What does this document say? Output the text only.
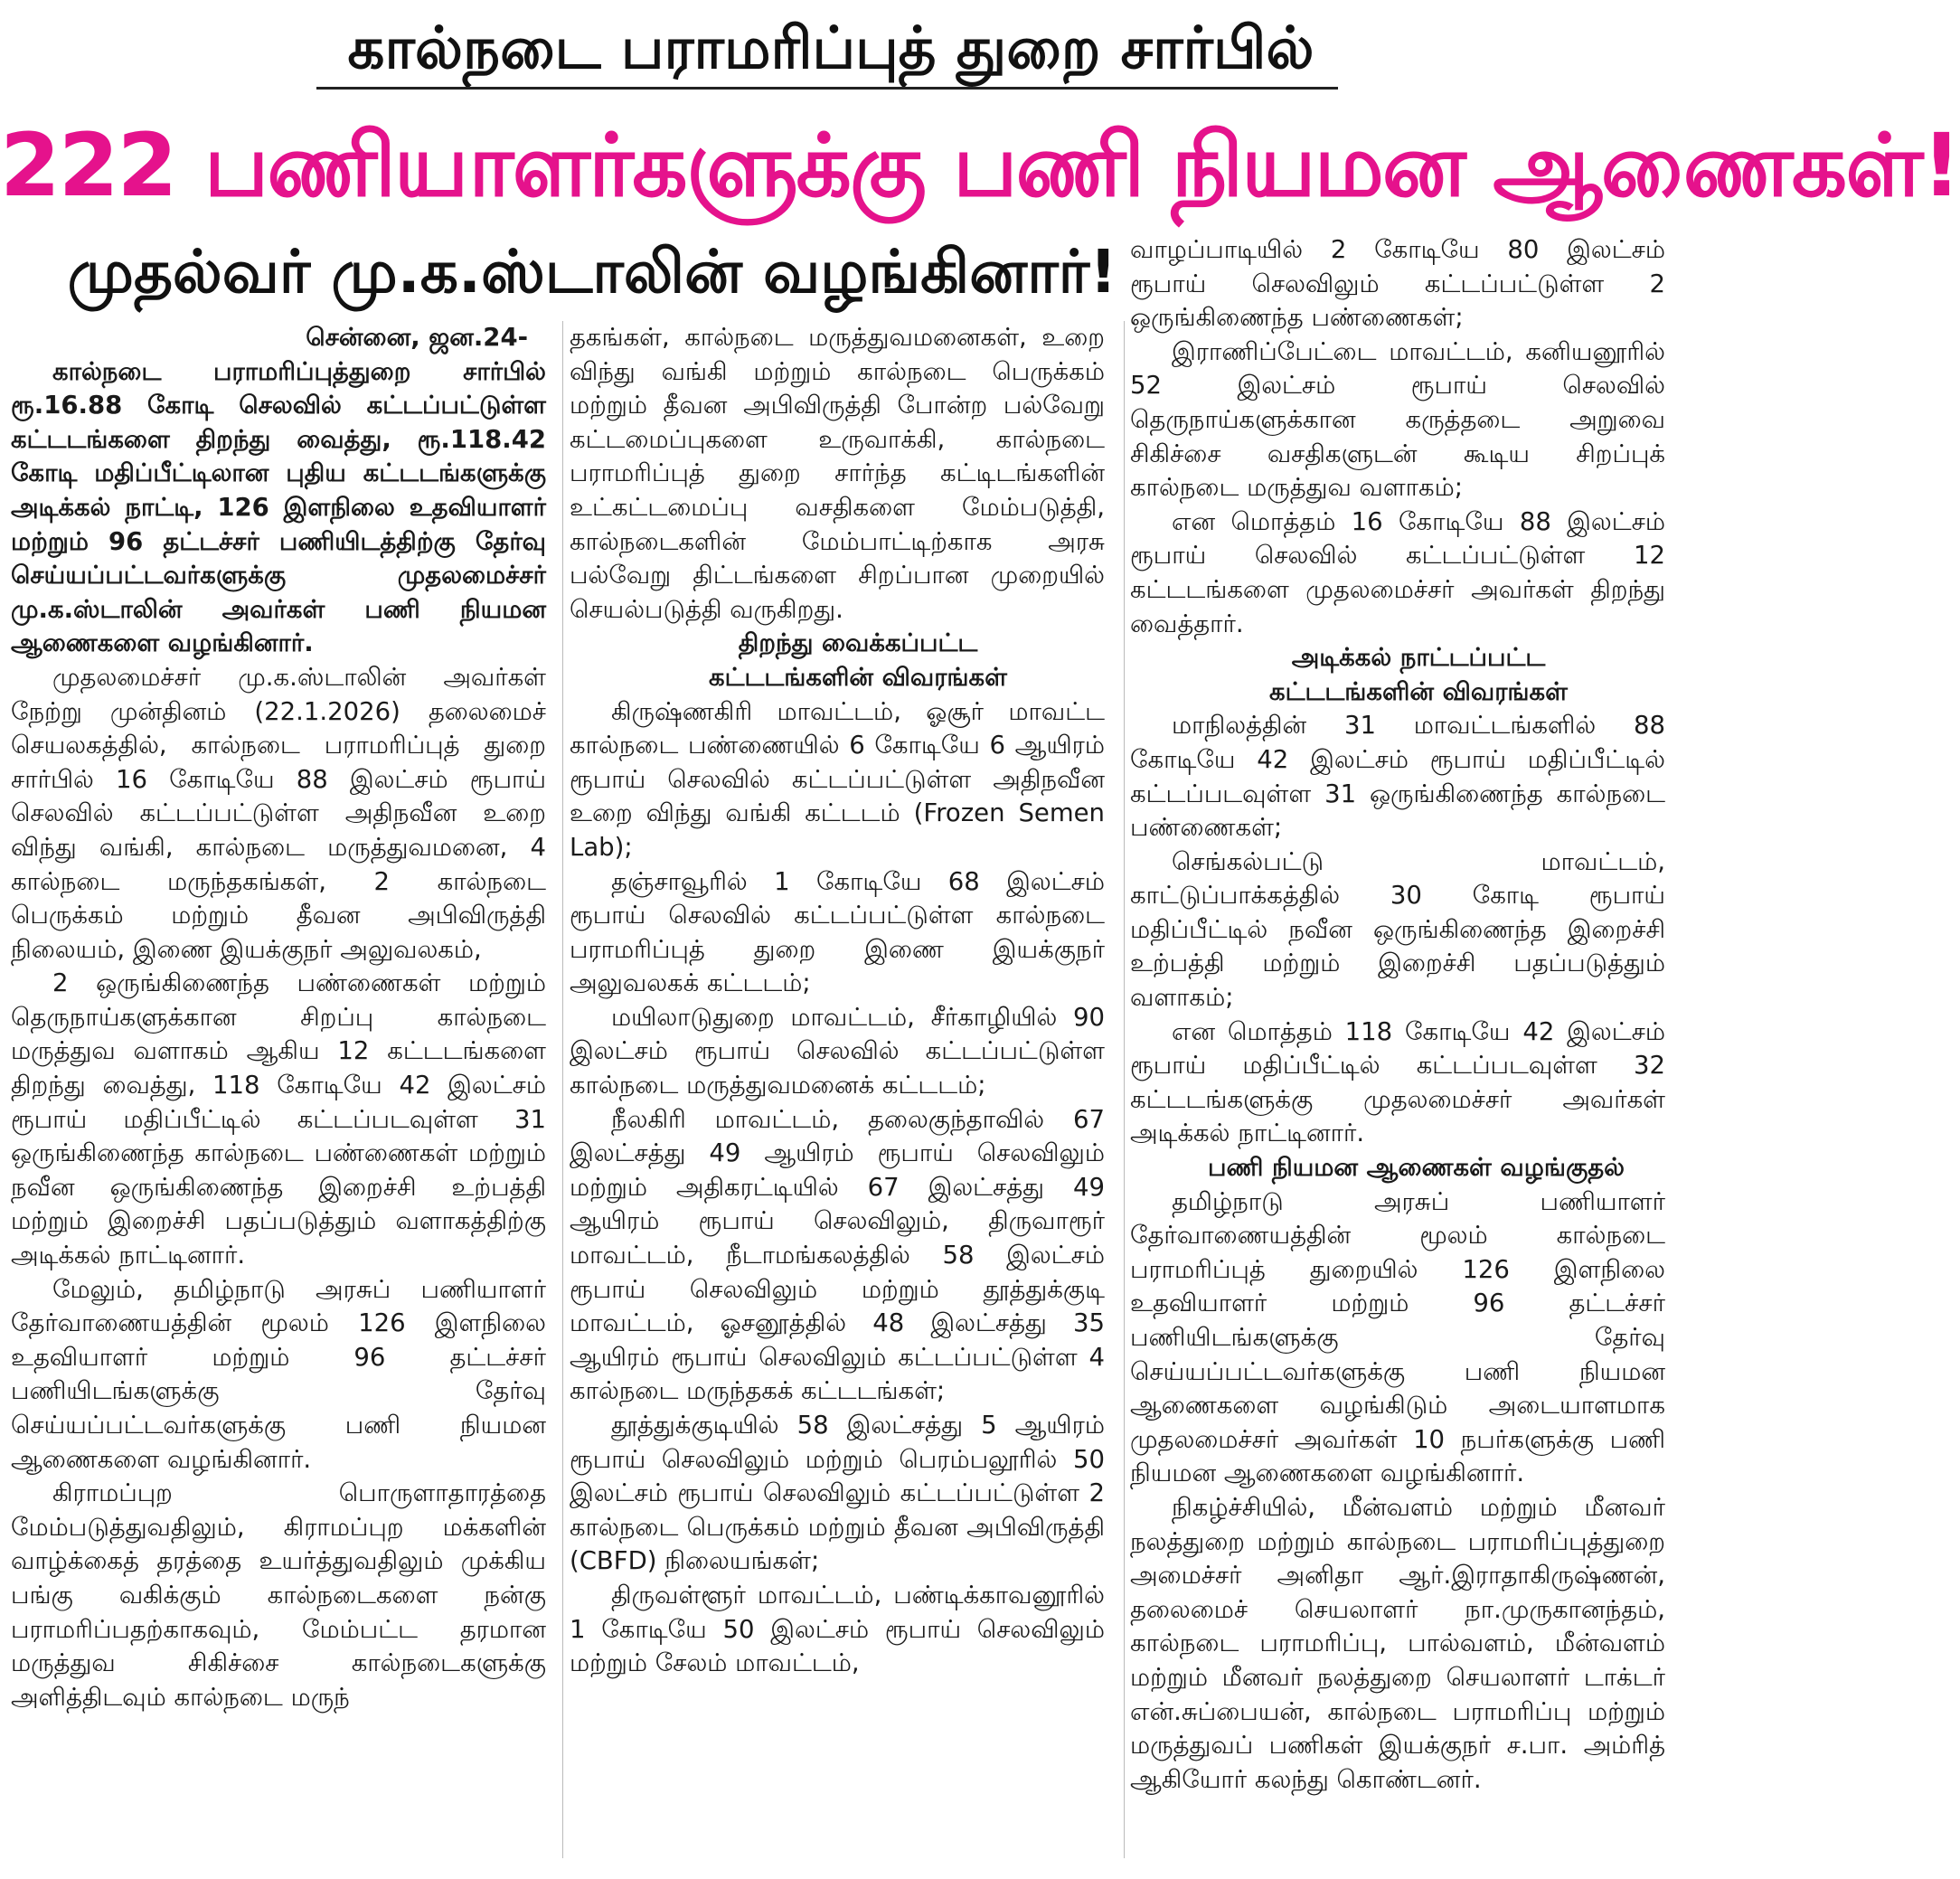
கால்நடை பராமரிப்புத் துறை சார்பில்
222 பணியாளர்களுக்கு பணி நியமன ஆணைகள்!
முதல்வர் மு.க.ஸ்டாலின் வழங்கினார்!

சென்னை, ஜன.24-

கால்நடை பராமரிப்புத்துறை சார்பில் ரூ.16.88 கோடி செலவில் கட்டப்பட்டுள்ள கட்டடங்களை திறந்து வைத்து, ரூ.118.42 கோடி மதிப்பீட்டிலான புதிய கட்டடங்களுக்கு அடிக்கல் நாட்டி, 126 இளநிலை உதவியாளர் மற்றும் 96 தட்டச்சர் பணியிடத்திற்கு தேர்வு செய்யப்பட்டவர்களுக்கு முதலமைச்சர் மு.க.ஸ்டாலின் அவர்கள் பணி நியமன ஆணைகளை வழங்கினார்.

முதலமைச்சர் மு.க.ஸ்டாலின் அவர்கள் நேற்று முன்தினம் (22.1.2026) தலைமைச் செயலகத்தில், கால்நடை பராமரிப்புத் துறை சார்பில் 16 கோடியே 88 இலட்சம் ரூபாய் செலவில் கட்டப்பட்டுள்ள அதிநவீன உறை விந்து வங்கி, கால்நடை மருத்துவமனை, 4 கால்நடை மருந்தகங்கள், 2 கால்நடை பெருக்கம் மற்றும் தீவன அபிவிருத்தி நிலையம், இணை இயக்குநர் அலுவலகம்,

2 ஒருங்கிணைந்த பண்ணைகள் மற்றும் தெருநாய்களுக்கான சிறப்பு கால்நடை மருத்துவ வளாகம் ஆகிய 12 கட்டடங்களை திறந்து வைத்து, 118 கோடியே 42 இலட்சம் ரூபாய் மதிப்பீட்டில் கட்டப்படவுள்ள 31 ஒருங்கிணைந்த கால்நடை பண்ணைகள் மற்றும் நவீன ஒருங்கிணைந்த இறைச்சி உற்பத்தி மற்றும் இறைச்சி பதப்படுத்தும் வளாகத்திற்கு அடிக்கல் நாட்டினார்.

மேலும், தமிழ்நாடு அரசுப் பணியாளர் தேர்வாணையத்தின் மூலம் 126 இளநிலை உதவியாளர் மற்றும் 96 தட்டச்சர் பணியிடங்களுக்கு தேர்வு செய்யப்பட்டவர்களுக்கு பணி நியமன ஆணைகளை வழங்கினார்.

கிராமப்புற பொருளாதாரத்தை மேம்படுத்துவதிலும், கிராமப்புற மக்களின் வாழ்க்கைத் தரத்தை உயர்த்துவதிலும் முக்கிய பங்கு வகிக்கும் கால்நடைகளை நன்கு பராமரிப்பதற்காகவும், மேம்பட்ட தரமான மருத்துவ சிகிச்சை கால்நடைகளுக்கு அளித்திடவும் கால்நடை மருந்

தகங்கள், கால்நடை மருத்துவமனைகள், உறை விந்து வங்கி மற்றும் கால்நடை பெருக்கம் மற்றும் தீவன அபிவிருத்தி போன்ற பல்வேறு கட்டமைப்புகளை உருவாக்கி, கால்நடை பராமரிப்புத் துறை சார்ந்த கட்டிடங்களின் உட்கட்டமைப்பு வசதிகளை மேம்படுத்தி, கால்நடைகளின் மேம்பாட்டிற்காக அரசு பல்வேறு திட்டங்களை சிறப்பான முறையில் செயல்படுத்தி வருகிறது.

திறந்து வைக்கப்பட்ட

கட்டடங்களின் விவரங்கள்

கிருஷ்ணகிரி மாவட்டம், ஓசூர் மாவட்ட கால்நடை பண்ணையில் 6 கோடியே 6 ஆயிரம் ரூபாய் செலவில் கட்டப்பட்டுள்ள அதிநவீன உறை விந்து வங்கி கட்டடம் (Frozen Semen Lab);

தஞ்சாவூரில் 1 கோடியே 68 இலட்சம் ரூபாய் செலவில் கட்டப்பட்டுள்ள கால்நடை பராமரிப்புத் துறை இணை இயக்குநர் அலுவலகக் கட்டடம்;

மயிலாடுதுறை மாவட்டம், சீர்காழியில் 90 இலட்சம் ரூபாய் செலவில் கட்டப்பட்டுள்ள கால்நடை மருத்துவமனைக் கட்டடம்;

நீலகிரி மாவட்டம், தலைகுந்தாவில் 67 இலட்சத்து 49 ஆயிரம் ரூபாய் செலவிலும் மற்றும் அதிகரட்டியில் 67 இலட்சத்து 49 ஆயிரம் ரூபாய் செலவிலும், திருவாரூர் மாவட்டம், நீடாமங்கலத்தில் 58 இலட்சம் ரூபாய் செலவிலும் மற்றும் தூத்துக்குடி மாவட்டம், ஓசனூத்தில் 48 இலட்சத்து 35 ஆயிரம் ரூபாய் செலவிலும் கட்டப்பட்டுள்ள 4 கால்நடை மருந்தகக் கட்டடங்கள்;

தூத்துக்குடியில் 58 இலட்சத்து 5 ஆயிரம் ரூபாய் செலவிலும் மற்றும் பெரம்பலூரில் 50 இலட்சம் ரூபாய் செலவிலும் கட்டப்பட்டுள்ள 2 கால்நடை பெருக்கம் மற்றும் தீவன அபிவிருத்தி (CBFD) நிலையங்கள்;

திருவள்ளூர் மாவட்டம், பண்டிக்காவனூரில் 1 கோடியே 50 இலட்சம் ரூபாய் செலவிலும் மற்றும் சேலம் மாவட்டம்,

வாழப்பாடியில் 2 கோடியே 80 இலட்சம் ரூபாய் செலவிலும் கட்டப்பட்டுள்ள 2 ஒருங்கிணைந்த பண்ணைகள்;

இராணிப்பேட்டை மாவட்டம், கனியனூரில் 52 இலட்சம் ரூபாய் செலவில் தெருநாய்களுக்கான கருத்தடை அறுவை சிகிச்சை வசதிகளுடன் கூடிய சிறப்புக் கால்நடை மருத்துவ வளாகம்;

என மொத்தம் 16 கோடியே 88 இலட்சம் ரூபாய் செலவில் கட்டப்பட்டுள்ள 12 கட்டடங்களை முதலமைச்சர் அவர்கள் திறந்து வைத்தார்.

அடிக்கல் நாட்டப்பட்ட

கட்டடங்களின் விவரங்கள்

மாநிலத்தின் 31 மாவட்டங்களில் 88 கோடியே 42 இலட்சம் ரூபாய் மதிப்பீட்டில் கட்டப்படவுள்ள 31 ஒருங்கிணைந்த கால்நடை பண்ணைகள்;

செங்கல்பட்டு மாவட்டம், காட்டுப்பாக்கத்தில் 30 கோடி ரூபாய் மதிப்பீட்டில் நவீன ஒருங்கிணைந்த இறைச்சி உற்பத்தி மற்றும் இறைச்சி பதப்படுத்தும் வளாகம்;

என மொத்தம் 118 கோடியே 42 இலட்சம் ரூபாய் மதிப்பீட்டில் கட்டப்படவுள்ள 32 கட்டடங்களுக்கு முதலமைச்சர் அவர்கள் அடிக்கல் நாட்டினார்.

பணி நியமன ஆணைகள் வழங்குதல்

தமிழ்நாடு அரசுப் பணியாளர் தேர்வாணையத்தின் மூலம் கால்நடை பராமரிப்புத் துறையில் 126 இளநிலை உதவியாளர் மற்றும் 96 தட்டச்சர் பணியிடங்களுக்கு தேர்வு செய்யப்பட்டவர்களுக்கு பணி நியமன ஆணைகளை வழங்கிடும் அடையாளமாக முதலமைச்சர் அவர்கள் 10 நபர்களுக்கு பணி நியமன ஆணைகளை வழங்கினார்.

நிகழ்ச்சியில், மீன்வளம் மற்றும் மீனவர் நலத்துறை மற்றும் கால்நடை பராமரிப்புத்துறை அமைச்சர் அனிதா ஆர்.இராதாகிருஷ்ணன், தலைமைச் செயலாளர் நா.முருகானந்தம், கால்நடை பராமரிப்பு, பால்வளம், மீன்வளம் மற்றும் மீனவர் நலத்துறை செயலாளர் டாக்டர் என்.சுப்பையன், கால்நடை பராமரிப்பு மற்றும் மருத்துவப் பணிகள் இயக்குநர் ச.பா. அம்ரித் ஆகியோர் கலந்து கொண்டனர்.
